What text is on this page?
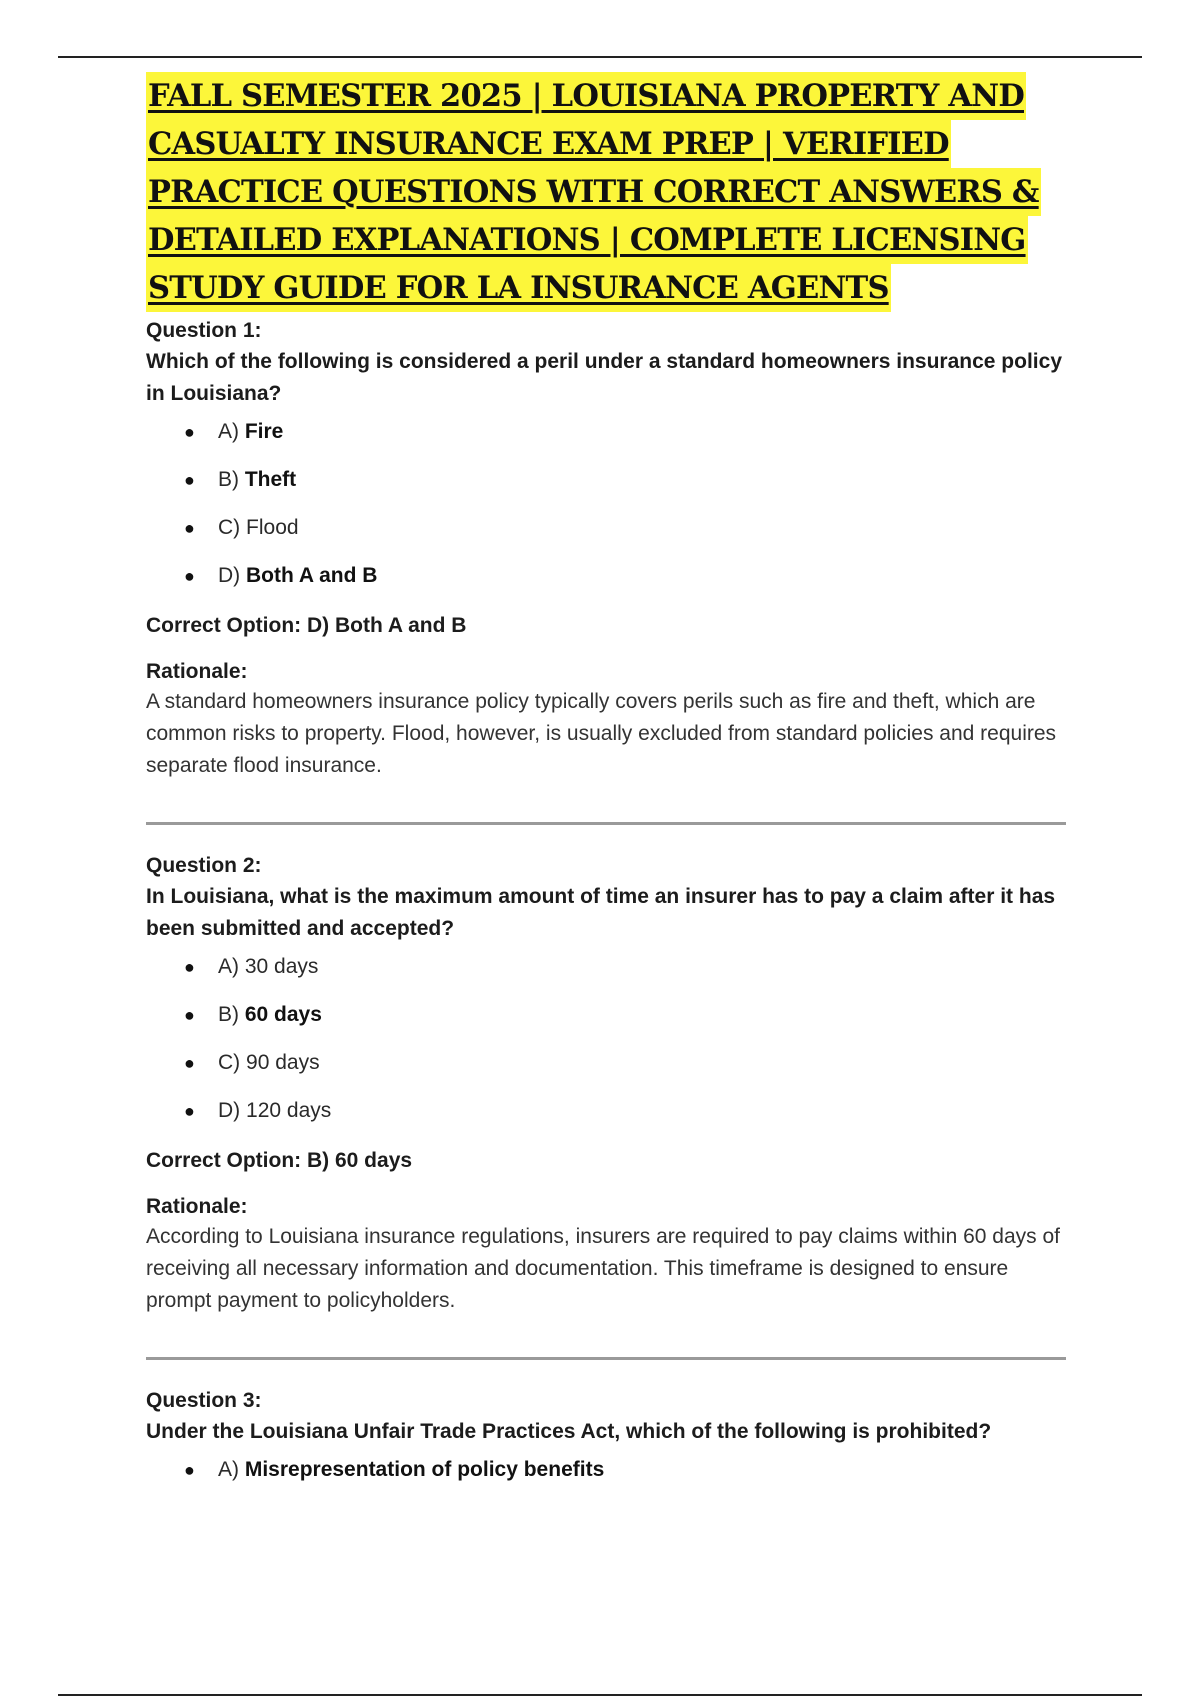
FALL SEMESTER 2025 | LOUISIANA PROPERTY AND
CASUALTY INSURANCE EXAM PREP | VERIFIED
PRACTICE QUESTIONS WITH CORRECT ANSWERS &
DETAILED EXPLANATIONS | COMPLETE LICENSING
STUDY GUIDE FOR LA INSURANCE AGENTS

Question 1:

Which of the following is considered a peril under a standard homeowners insurance policy in Louisiana?

● A) Fire
● B) Theft
● C) Flood
● D) Both A and B

Correct Option: D) Both A and B

Rationale:

A standard homeowners insurance policy typically covers perils such as fire and theft, which are common risks to property. Flood, however, is usually excluded from standard policies and requires separate flood insurance.

Question 2:

In Louisiana, what is the maximum amount of time an insurer has to pay a claim after it has been submitted and accepted?

● A) 30 days
● B) 60 days
● C) 90 days
● D) 120 days

Correct Option: B) 60 days

Rationale:

According to Louisiana insurance regulations, insurers are required to pay claims within 60 days of receiving all necessary information and documentation. This timeframe is designed to ensure prompt payment to policyholders.

Question 3:

Under the Louisiana Unfair Trade Practices Act, which of the following is prohibited?

● A) Misrepresentation of policy benefits
